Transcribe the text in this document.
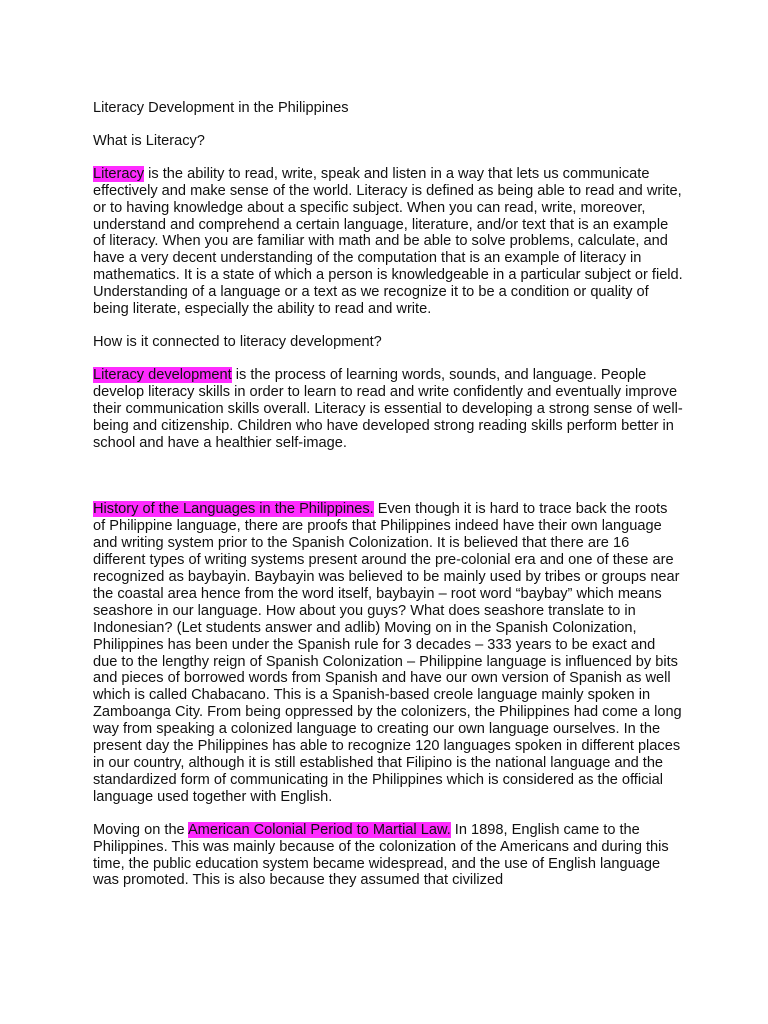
Literacy Development in the Philippines

What is Literacy?

Literacy is the ability to read, write, speak and listen in a way that lets us communicate effectively and make sense of the world. Literacy is defined as being able to read and write, or to having knowledge about a specific subject. When you can read, write, moreover, understand and comprehend a certain language, literature, and/or text that is an example of literacy. When you are familiar with math and be able to solve problems, calculate, and have a very decent understanding of the computation that is an example of literacy in mathematics. It is a state of which a person is knowledgeable in a particular subject or field. Understanding of a language or a text as we recognize it to be a condition or quality of being literate, especially the ability to read and write.

How is it connected to literacy development?

Literacy development is the process of learning words, sounds, and language. People develop literacy skills in order to learn to read and write confidently and eventually improve their communication skills overall. Literacy is essential to developing a strong sense of well-being and citizenship. Children who have developed strong reading skills perform better in school and have a healthier self-image.

History of the Languages in the Philippines. Even though it is hard to trace back the roots of Philippine language, there are proofs that Philippines indeed have their own language and writing system prior to the Spanish Colonization. It is believed that there are 16 different types of writing systems present around the pre-colonial era and one of these are recognized as baybayin. Baybayin was believed to be mainly used by tribes or groups near the coastal area hence from the word itself, baybayin – root word “baybay” which means seashore in our language. How about you guys? What does seashore translate to in Indonesian? (Let students answer and adlib) Moving on in the Spanish Colonization, Philippines has been under the Spanish rule for 3 decades – 333 years to be exact and due to the lengthy reign of Spanish Colonization – Philippine language is influenced by bits and pieces of borrowed words from Spanish and have our own version of Spanish as well which is called Chabacano. This is a Spanish-based creole language mainly spoken in Zamboanga City. From being oppressed by the colonizers, the Philippines had come a long way from speaking a colonized language to creating our own language ourselves. In the present day the Philippines has able to recognize 120 languages spoken in different places in our country, although it is still established that Filipino is the national language and the standardized form of communicating in the Philippines which is considered as the official language used together with English.

Moving on the American Colonial Period to Martial Law. In 1898, English came to the Philippines. This was mainly because of the colonization of the Americans and during this time, the public education system became widespread, and the use of English language was promoted. This is also because they assumed that civilized
